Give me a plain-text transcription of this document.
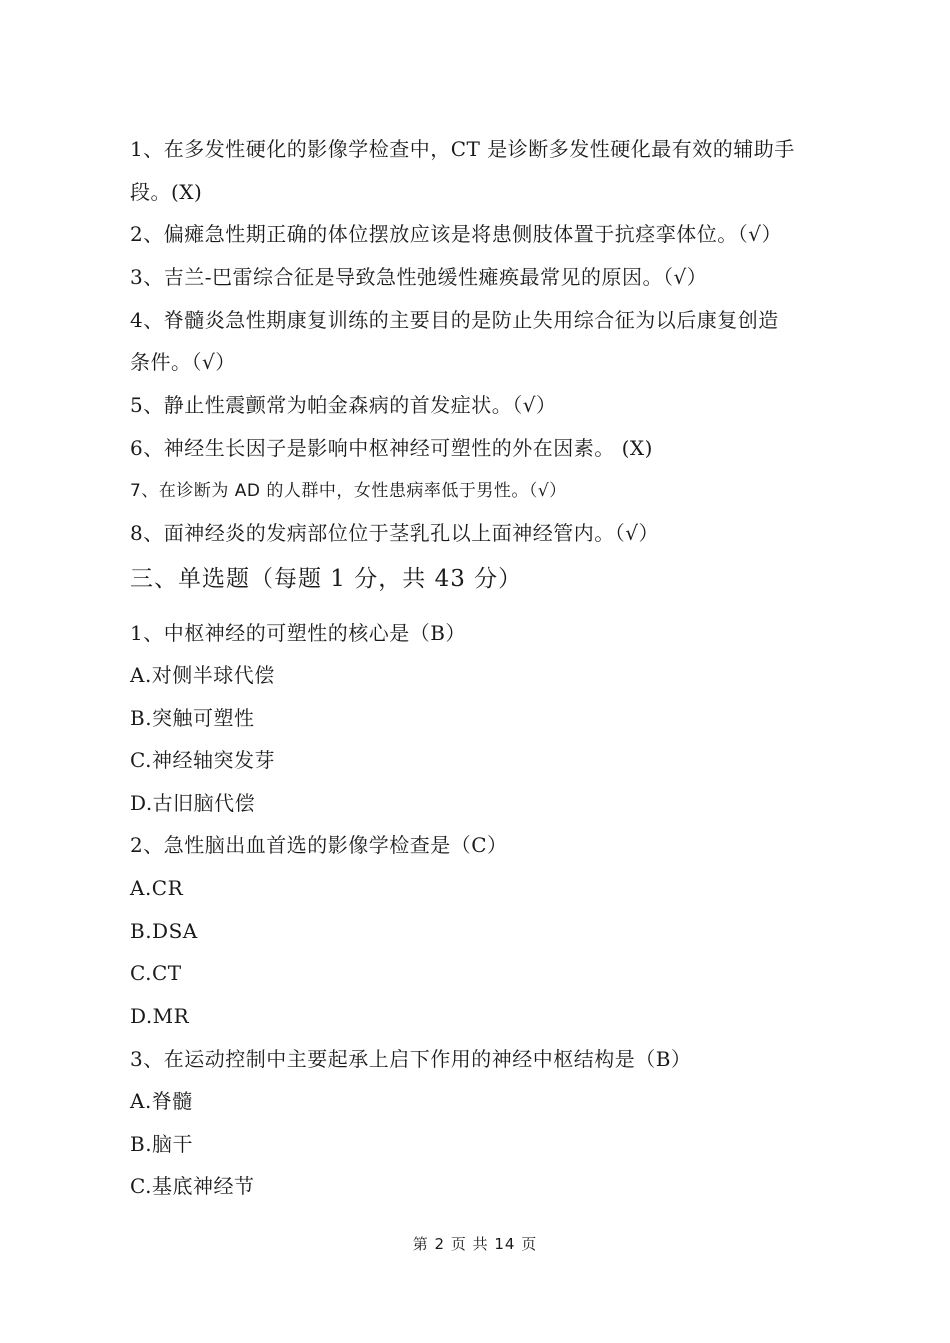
1、在多发性硬化的影像学检查中，CT 是诊断多发性硬化最有效的辅助手
段。(X)
2、偏瘫急性期正确的体位摆放应该是将患侧肢体置于抗痉挛体位。（√）
3、吉兰-巴雷综合征是导致急性弛缓性瘫痪最常见的原因。（√）
4、脊髓炎急性期康复训练的主要目的是防止失用综合征为以后康复创造
条件。（√）
5、静止性震颤常为帕金森病的首发症状。（√）
6、神经生长因子是影响中枢神经可塑性的外在因素。 (X)
7、在诊断为 AD 的人群中，女性患病率低于男性。（√）
8、面神经炎的发病部位位于茎乳孔以上面神经管内。（√）
三、单选题（每题 1 分，共 43 分）
1、中枢神经的可塑性的核心是（B）
A.对侧半球代偿
B.突触可塑性
C.神经轴突发芽
D.古旧脑代偿
2、急性脑出血首选的影像学检查是（C）
A.CR
B.DSA
C.CT
D.MR
3、在运动控制中主要起承上启下作用的神经中枢结构是（B）
A.脊髓
B.脑干
C.基底神经节
第 2 页 共 14 页
